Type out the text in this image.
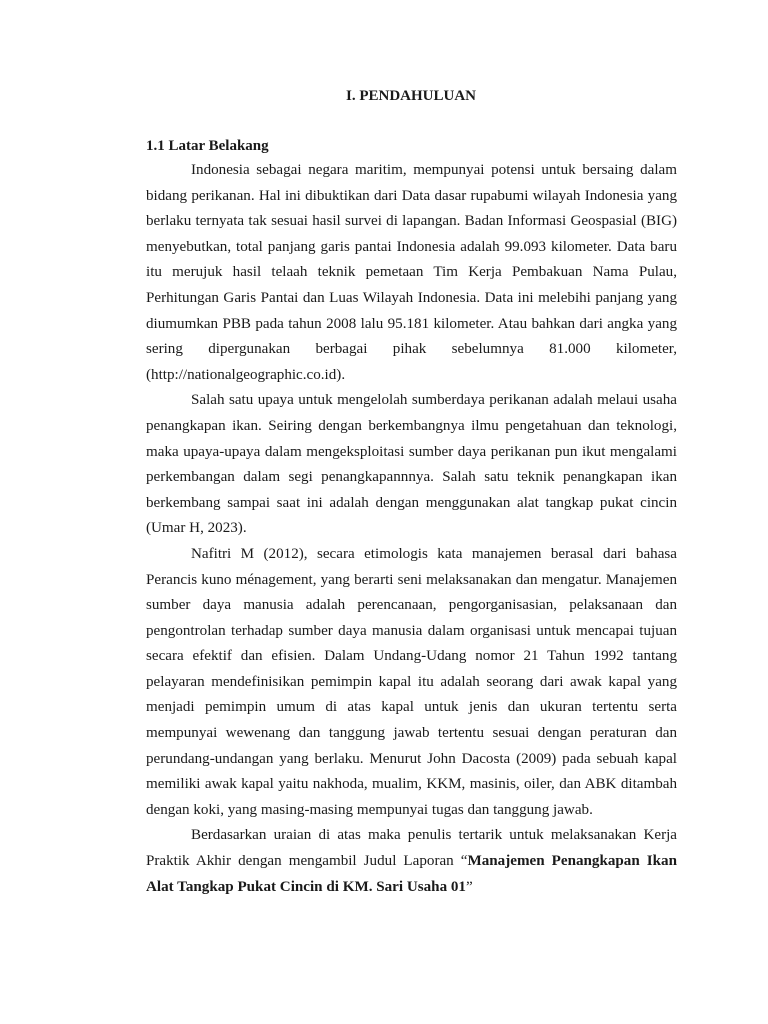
I. PENDAHULUAN
1.1 Latar Belakang

Indonesia sebagai negara maritim, mempunyai potensi untuk bersaing dalam bidang perikanan. Hal ini dibuktikan dari Data dasar rupabumi wilayah Indonesia yang berlaku ternyata tak sesuai hasil survei di lapangan. Badan Informasi Geospasial (BIG) menyebutkan, total panjang garis pantai Indonesia adalah 99.093 kilometer. Data baru itu merujuk hasil telaah teknik pemetaan Tim Kerja Pembakuan Nama Pulau, Perhitungan Garis Pantai dan Luas Wilayah Indonesia. Data ini melebihi panjang yang diumumkan PBB pada tahun 2008 lalu 95.181 kilometer. Atau bahkan dari angka yang sering dipergunakan berbagai pihak sebelumnya 81.000 kilometer, (http://nationalgeographic.co.id).

Salah satu upaya untuk mengelolah sumberdaya perikanan adalah melaui usaha penangkapan ikan. Seiring dengan berkembangnya ilmu pengetahuan dan teknologi, maka upaya-upaya dalam mengeksploitasi sumber daya perikanan pun ikut mengalami perkembangan dalam segi penangkapannnya. Salah satu teknik penangkapan ikan berkembang sampai saat ini adalah dengan menggunakan alat tangkap pukat cincin (Umar H, 2023).

Nafitri M (2012), secara etimologis kata manajemen berasal dari bahasa Perancis kuno ménagement, yang berarti seni melaksanakan dan mengatur. Manajemen sumber daya manusia adalah perencanaan, pengorganisasian, pelaksanaan dan pengontrolan terhadap sumber daya manusia dalam organisasi untuk mencapai tujuan secara efektif dan efisien. Dalam Undang-Udang nomor 21 Tahun 1992 tantang pelayaran mendefinisikan pemimpin kapal itu adalah seorang dari awak kapal yang menjadi pemimpin umum di atas kapal untuk jenis dan ukuran tertentu serta mempunyai wewenang dan tanggung jawab tertentu sesuai dengan peraturan dan perundang-undangan yang berlaku. Menurut John Dacosta (2009) pada sebuah kapal memiliki awak kapal yaitu nakhoda, mualim, KKM, masinis, oiler, dan ABK ditambah dengan koki, yang masing-masing mempunyai tugas dan tanggung jawab.

Berdasarkan uraian di atas maka penulis tertarik untuk melaksanakan Kerja Praktik Akhir dengan mengambil Judul Laporan “Manajemen Penangkapan Ikan Alat Tangkap Pukat Cincin di KM. Sari Usaha 01”
